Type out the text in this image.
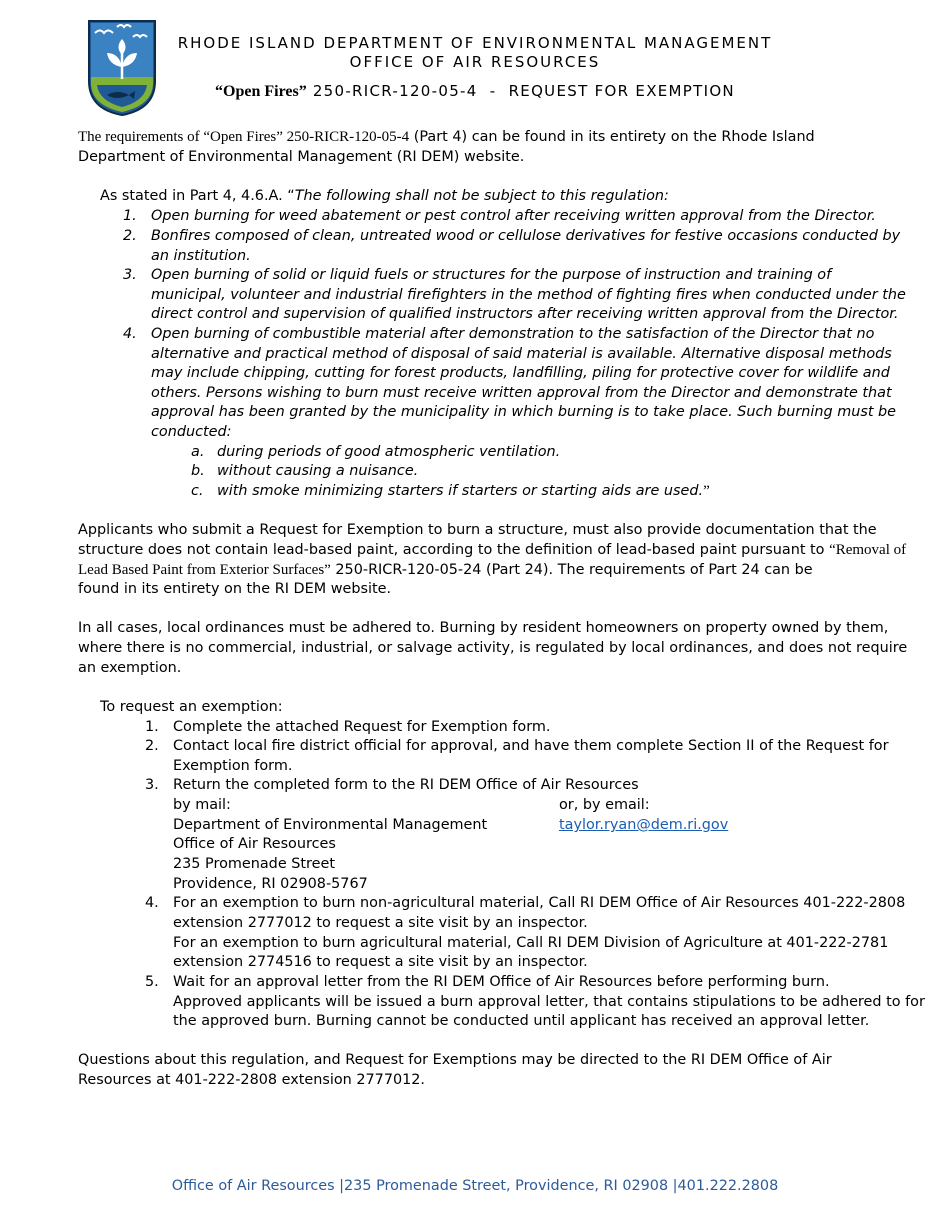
RHODE ISLAND DEPARTMENT OF ENVIRONMENTAL MANAGEMENT
OFFICE OF AIR RESOURCES
“Open Fires” 250-RICR-120-05-4  -  REQUEST FOR EXEMPTION
The requirements of “Open Fires” 250-RICR-120-05-4 (Part 4) can be found in its entirety on the Rhode Island
Department of Environmental Management (RI DEM) website.
As stated in Part 4, 4.6.A. “The following shall not be subject to this regulation:
1. Open burning for weed abatement or pest control after receiving written approval from the Director.
2. Bonfires composed of clean, untreated wood or cellulose derivatives for festive occasions conducted by
an institution.
3. Open burning of solid or liquid fuels or structures for the purpose of instruction and training of
municipal, volunteer and industrial firefighters in the method of fighting fires when conducted under the
direct control and supervision of qualified instructors after receiving written approval from the Director.
4. Open burning of combustible material after demonstration to the satisfaction of the Director that no
alternative and practical method of disposal of said material is available. Alternative disposal methods
may include chipping, cutting for forest products, landfilling, piling for protective cover for wildlife and
others. Persons wishing to burn must receive written approval from the Director and demonstrate that
approval has been granted by the municipality in which burning is to take place. Such burning must be
conducted:
a. during periods of good atmospheric ventilation.
b. without causing a nuisance.
c. with smoke minimizing starters if starters or starting aids are used.”
Applicants who submit a Request for Exemption to burn a structure, must also provide documentation that the
structure does not contain lead-based paint, according to the definition of lead-based paint pursuant to “Removal of
Lead Based Paint from Exterior Surfaces” 250-RICR-120-05-24 (Part 24). The requirements of Part 24 can be
found in its entirety on the RI DEM website.
In all cases, local ordinances must be adhered to. Burning by resident homeowners on property owned by them,
where there is no commercial, industrial, or salvage activity, is regulated by local ordinances, and does not require
an exemption.
To request an exemption:
1. Complete the attached Request for Exemption form.
2. Contact local fire district official for approval, and have them complete Section II of the Request for
Exemption form.
3. Return the completed form to the RI DEM Office of Air Resources
by mail:	or, by email:
Department of Environmental Management	taylor.ryan@dem.ri.gov
Office of Air Resources
235 Promenade Street
Providence, RI 02908-5767
4. For an exemption to burn non-agricultural material, Call RI DEM Office of Air Resources 401-222-2808
extension 2777012 to request a site visit by an inspector.
For an exemption to burn agricultural material, Call RI DEM Division of Agriculture at 401-222-2781
extension 2774516 to request a site visit by an inspector.
5. Wait for an approval letter from the RI DEM Office of Air Resources before performing burn.
Approved applicants will be issued a burn approval letter, that contains stipulations to be adhered to for
the approved burn. Burning cannot be conducted until applicant has received an approval letter.
Questions about this regulation, and Request for Exemptions may be directed to the RI DEM Office of Air
Resources at 401-222-2808 extension 2777012.
Office of Air Resources |235 Promenade Street, Providence, RI 02908 |401.222.2808
